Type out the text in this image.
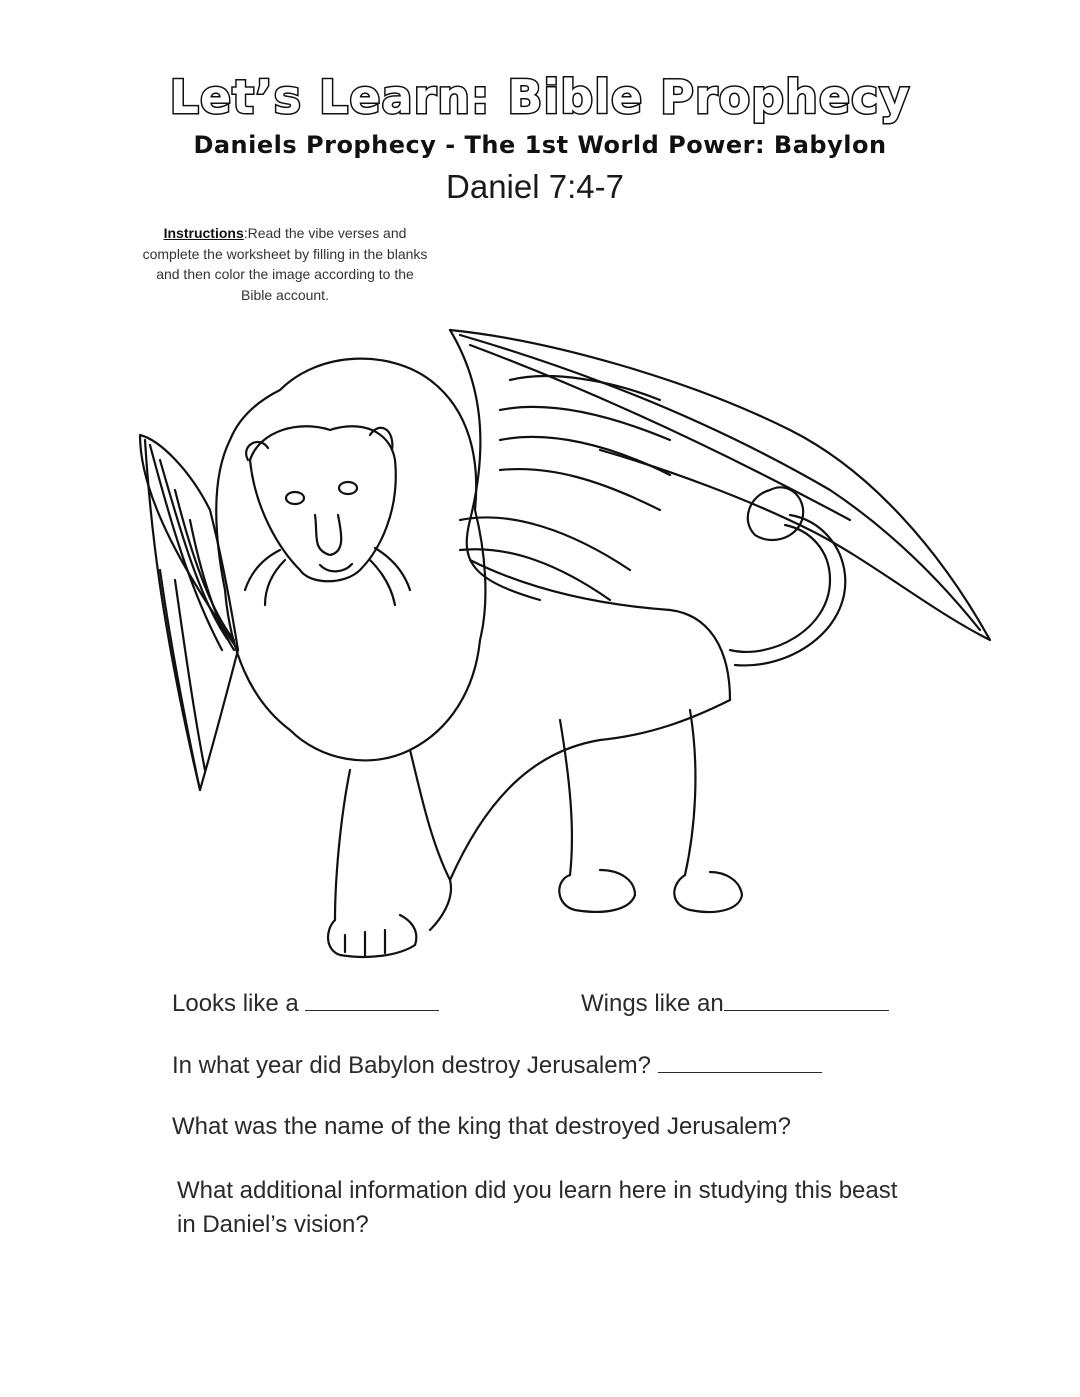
Let’s Learn: Bible Prophecy
Daniels Prophecy - The 1st World Power: Babylon
Daniel 7:4-7
Instructions:Read the vibe verses and complete the worksheet by filling in the blanks and then color the image according to the Bible account.
Looks like a	Wings like an
In what year did Babylon destroy Jerusalem?
What was the name of the king that destroyed Jerusalem?
What additional information did you learn here in studying this beast in Daniel’s vision?
